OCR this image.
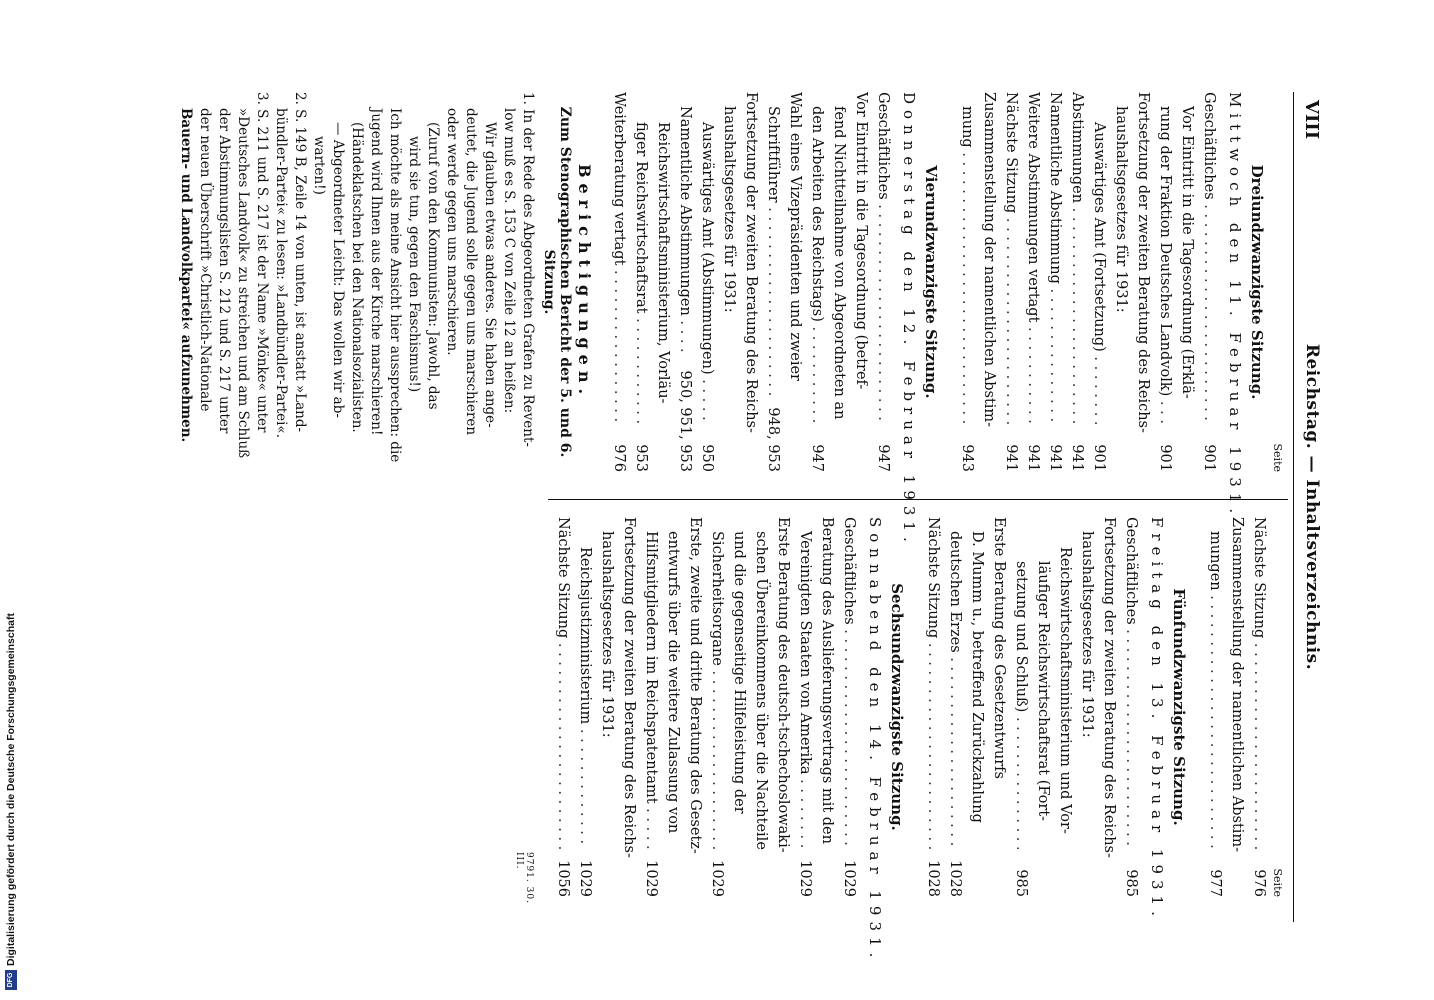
VIII
Reichstag. — Inhaltsverzeichnis.
Seite
Dreiundzwanzigste Sitzung.
Mittwoch den 11. Februar 1931.
Geschäftliches . . .
901
Vor Eintritt in die Tagesordnung (Erklä-
rung der Fraktion Deutsches Landvolk) . . .
901
Fortsetzung der zweiten Beratung des Reichs-
haushaltsgesetzes für 1931:
Auswärtiges Amt (Fortsetzung) . . .
901
Abstimmungen . . .
941
Namentliche Abstimmung . . .
941
Weitere Abstimmungen vertagt . . .
941
Nächste Sitzung . . .
941
Zusammenstellung der namentlichen Abstim-
mung . . .
943
Vierundzwanzigste Sitzung.
Donnerstag den 12. Februar 1931.
Geschäftliches . . .
947
Vor Eintritt in die Tagesordnung (betref-
fend Nichtteilnahme von Abgeordneten an
den Arbeiten des Reichstags) . . .
947
Wahl eines Vizepräsidenten und zweier
Schriftführer . . .
948, 953
Fortsetzung der zweiten Beratung des Reichs-
haushaltsgesetzes für 1931:
Auswärtiges Amt (Abstimmungen) . . .
950
Namentliche Abstimmungen . . .
950, 951, 953
Reichswirtschaftsministerium, Vorläu-
figer Reichswirtschaftsrat . . .
953
Weiterberatung vertagt . . .
976
Berichtigungen.
Zum Stenographischen Bericht der 5. und 6. Sitzung.

1. In der Rede des Abgeordneten Grafen zu Revent-

low muß es S. 153 C von Zeile 12 an heißen:

Wir glauben etwas anderes. Sie haben ange-

deutet, die Jugend solle gegen uns marschieren

oder werde gegen uns marschieren.

(Zuruf von den Kommunisten: Jawohl, das

wird sie tun, gegen den Faschismus!)

Ich möchte als meine Ansicht hier aussprechen: die

Jugend wird Ihnen aus der Kirche marschieren!

(Händeklatschen bei den Nationalsozialisten.

— Abgeordneter Leicht: Das wollen wir ab-

warten!)

2. S. 149 B, Zeile 14 von unten, ist anstatt »Land-

bündler-Partei« zu lesen: »Landbündler-Partei«.

3. S. 211 und S. 217 ist der Name »Mönke« unter

»Deutsches Landvolk« zu streichen und am Schluß

der Abstimmungslisten S. 212 und S. 217 unter

der neuen Überschrift »Christlich-Nationale

Bauern- und Landvolkpartei« aufzunehmen.

Seite
Nächste Sitzung . . .
976
Zusammenstellung der namentlichen Abstim-
mungen . . .
977
Fünfundzwanzigste Sitzung.
Freitag den 13. Februar 1931.
Geschäftliches . . .
985
Fortsetzung der zweiten Beratung des Reichs-
haushaltsgesetzes für 1931:
Reichswirtschaftsministerium und Vor-
läufiger Reichswirtschaftsrat (Fort-
setzung und Schluß) . . .
985
Erste Beratung des Gesetzentwurfs
D. Mumm u., betreffend Zurückzahlung
deutschen Erzes . . .
1028
Nächste Sitzung . . .
1028
Sechsundzwanzigste Sitzung.
Sonnabend den 14. Februar 1931.
Geschäftliches . . .
1029
Beratung des Auslieferungsvertrags mit den
Vereinigten Staaten von Amerika . . .
1029
Erste Beratung des deutsch-tschechoslowaki-
schen Übereinkommens über die Nachteile
und die gegenseitige Hilfeleistung der
Sicherheitsorgane . . .
1029
Erste, zweite und dritte Beratung des Gesetz-
entwurfs über die weitere Zulassung von
Hilfsmitgliedern im Reichspatentamt . . .
1029
Fortsetzung der zweiten Beratung des Reichs-
haushaltsgesetzes für 1931:
Reichsjustizministerium . . .
1029
Nächste Sitzung . . .
1056
9791. 30. III.
DFG
Digitalisierung gefördert durch die Deutsche Forschungsgemeinschaft
